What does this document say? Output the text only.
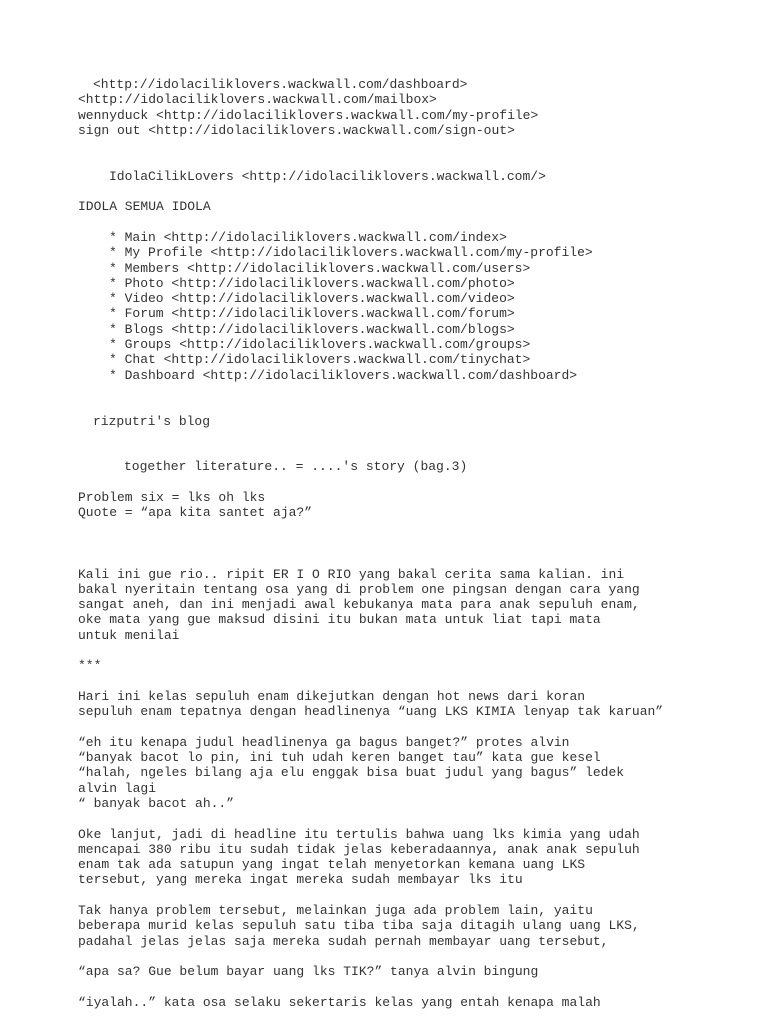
<http://idolaciliklovers.wackwall.com/dashboard>
<http://idolaciliklovers.wackwall.com/mailbox>
wennyduck <http://idolaciliklovers.wackwall.com/my-profile>
sign out <http://idolaciliklovers.wackwall.com/sign-out>
IdolaCilikLovers <http://idolaciliklovers.wackwall.com/>
IDOLA SEMUA IDOLA
* Main <http://idolaciliklovers.wackwall.com/index>
* My Profile <http://idolaciliklovers.wackwall.com/my-profile>
* Members <http://idolaciliklovers.wackwall.com/users>
* Photo <http://idolaciliklovers.wackwall.com/photo>
* Video <http://idolaciliklovers.wackwall.com/video>
* Forum <http://idolaciliklovers.wackwall.com/forum>
* Blogs <http://idolaciliklovers.wackwall.com/blogs>
* Groups <http://idolaciliklovers.wackwall.com/groups>
* Chat <http://idolaciliklovers.wackwall.com/tinychat>
* Dashboard <http://idolaciliklovers.wackwall.com/dashboard>
rizputri's blog
together literature.. = ....'s story (bag.3)
Problem six = lks oh lks
Quote = “apa kita santet aja?”
Kali ini gue rio.. ripit ER I O RIO yang bakal cerita sama kalian. ini
bakal nyeritain tentang osa yang di problem one pingsan dengan cara yang
sangat aneh, dan ini menjadi awal kebukanya mata para anak sepuluh enam,
oke mata yang gue maksud disini itu bukan mata untuk liat tapi mata
untuk menilai
***
Hari ini kelas sepuluh enam dikejutkan dengan hot news dari koran
sepuluh enam tepatnya dengan headlinenya “uang LKS KIMIA lenyap tak karuan”
“eh itu kenapa judul headlinenya ga bagus banget?” protes alvin
“banyak bacot lo pin, ini tuh udah keren banget tau” kata gue kesel
“halah, ngeles bilang aja elu enggak bisa buat judul yang bagus” ledek
alvin lagi
“ banyak bacot ah..”
Oke lanjut, jadi di headline itu tertulis bahwa uang lks kimia yang udah
mencapai 380 ribu itu sudah tidak jelas keberadaannya, anak anak sepuluh
enam tak ada satupun yang ingat telah menyetorkan kemana uang LKS
tersebut, yang mereka ingat mereka sudah membayar lks itu
Tak hanya problem tersebut, melainkan juga ada problem lain, yaitu
beberapa murid kelas sepuluh satu tiba tiba saja ditagih ulang uang LKS,
padahal jelas jelas saja mereka sudah pernah membayar uang tersebut,
“apa sa? Gue belum bayar uang lks TIK?” tanya alvin bingung
“iyalah..” kata osa selaku sekertaris kelas yang entah kenapa malah
